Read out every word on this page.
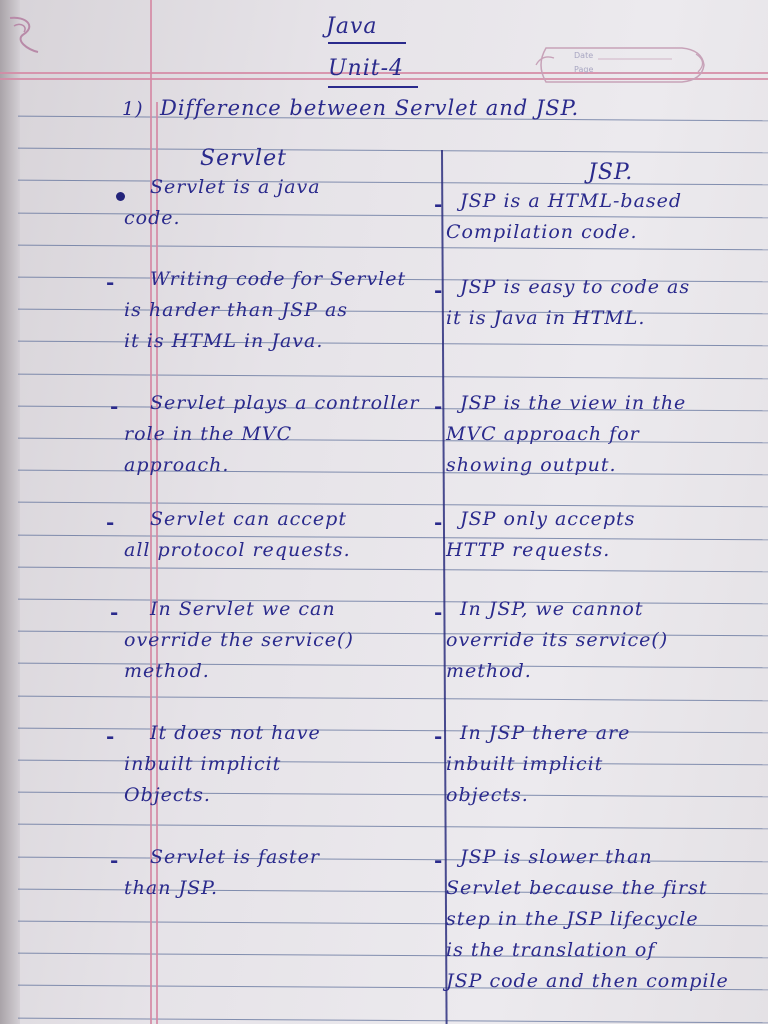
Date
Page
Java
Unit-4
1) Difference between Servlet and JSP.
Servlet
JSP.
Servlet is a java
code.
- JSP is a HTML-based
Compilation code.
- Writing code for Servlet
is harder than JSP as
it is HTML in Java.
- JSP is easy to code as
it is Java in HTML.
- Servlet plays a controller
role in the MVC
approach.
- JSP is the view in the
MVC approach for
showing output.
- Servlet can accept
all protocol requests.
- JSP only accepts
HTTP requests.
- In Servlet we can
override the service()
method.
- In JSP, we cannot
override its service()
method.
- It does not have
inbuilt implicit
Objects.
- In JSP there are
inbuilt implicit
objects.
- Servlet is faster
than JSP.
- JSP is slower than
Servlet because the first
step in the JSP lifecycle
is the translation of
JSP code and then compile
